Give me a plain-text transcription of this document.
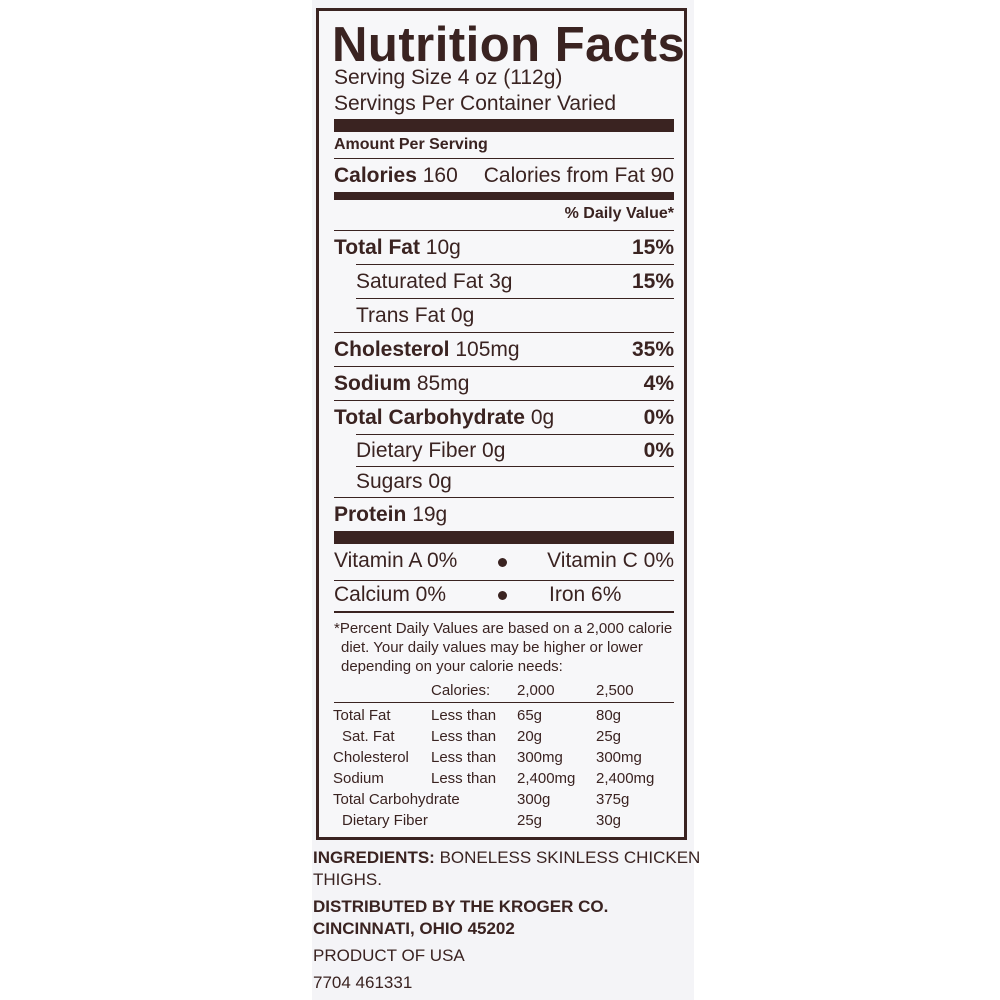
Nutrition Facts
Serving Size 4 oz (112g)
Servings Per Container Varied
Amount Per Serving
Calories 160 Calories from Fat 90
% Daily Value*
Total Fat 10g	15%
Saturated Fat 3g	15%
Trans Fat 0g
Cholesterol 105mg	35%
Sodium 85mg	4%
Total Carbohydrate 0g	0%
Dietary Fiber 0g	0%
Sugars 0g
Protein 19g
Vitamin A 0%	Vitamin C 0%
Calcium 0%	Iron 6%
*Percent Daily Values are based on a 2,000 calorie
diet. Your daily values may be higher or lower
depending on your calorie needs:
Calories: 2,000	2,500
Total Fat	Less than 65g	80g
Sat. Fat Less than 20g	25g
Cholesterol Less than 300mg 300mg
Sodium	Less than 2,400mg 2,400mg
Total Carbohydrate	300g	375g
Dietary Fiber	25g	30g
INGREDIENTS: BONELESS SKINLESS CHICKEN
THIGHS.
DISTRIBUTED BY THE KROGER CO.
CINCINNATI, OHIO 45202
PRODUCT OF USA
7704 461331
